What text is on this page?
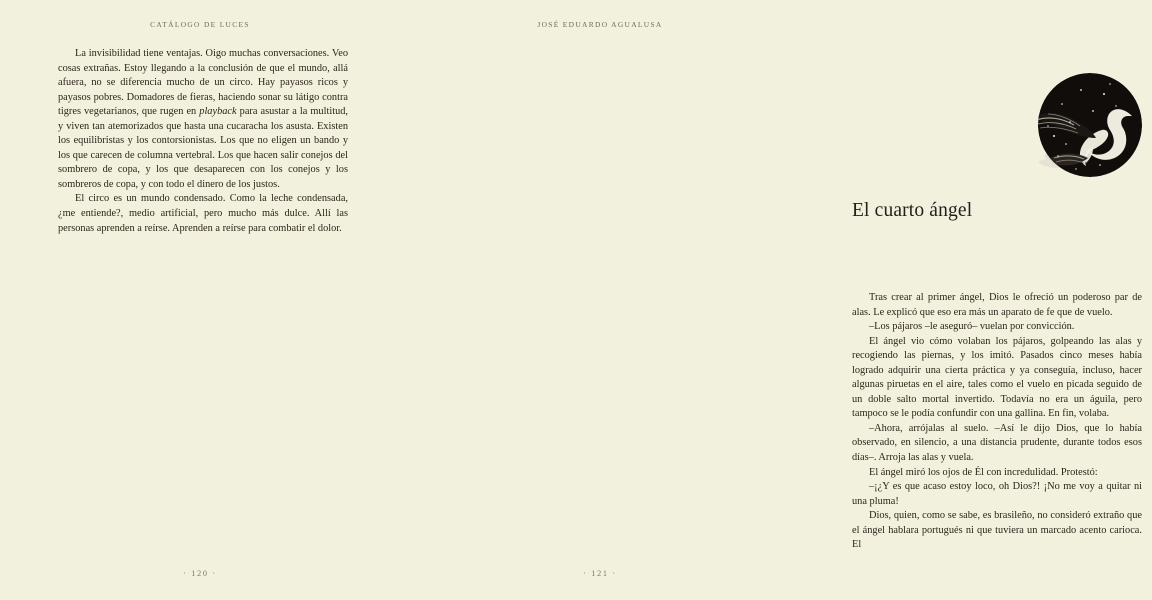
CATÁLOGO DE LUCES

La invisibilidad tiene ventajas. Oigo muchas conversaciones. Veo cosas extrañas. Estoy llegando a la conclusión de que el mundo, allá afuera, no se diferencia mucho de un circo. Hay payasos ricos y payasos pobres. Domadores de fieras, haciendo sonar su látigo contra tigres vegetarianos, que rugen en playback para asustar a la multitud, y viven tan atemorizados que hasta una cucaracha los asusta. Existen los equilibristas y los contorsionistas. Los que no eligen un bando y los que carecen de columna vertebral. Los que hacen salir conejos del sombrero de copa, y los que desaparecen con los conejos y los sombreros de copa, y con todo el dinero de los justos.

El circo es un mundo condensado. Como la leche condensada, ¿me entiende?, medio artificial, pero mucho más dulce. Allí las personas aprenden a reírse. Aprenden a reírse para combatir el dolor.

· 120 ·
JOSÉ EDUARDO AGUALUSA
El cuarto ángel

Tras crear al primer ángel, Dios le ofreció un poderoso par de alas. Le explicó que eso era más un aparato de fe que de vuelo.

–Los pájaros –le aseguró– vuelan por convicción.

El ángel vio cómo volaban los pájaros, golpeando las alas y recogiendo las piernas, y los imitó. Pasados cinco meses había logrado adquirir una cierta práctica y ya conseguía, incluso, hacer algunas piruetas en el aire, tales como el vuelo en picada seguido de un doble salto mortal invertido. Todavía no era un águila, pero tampoco se le podía confundir con una gallina. En fin, volaba.

–Ahora, arrójalas al suelo. –Así le dijo Dios, que lo había observado, en silencio, a una distancia prudente, durante todos esos días–. Arroja las alas y vuela.

El ángel miró los ojos de Él con incredulidad. Protestó:

–¡¿Y es que acaso estoy loco, oh Dios?! ¡No me voy a quitar ni una pluma!

Dios, quien, como se sabe, es brasileño, no consideró extraño que el ángel hablara portugués ni que tuviera un marcado acento carioca. El

· 121 ·
